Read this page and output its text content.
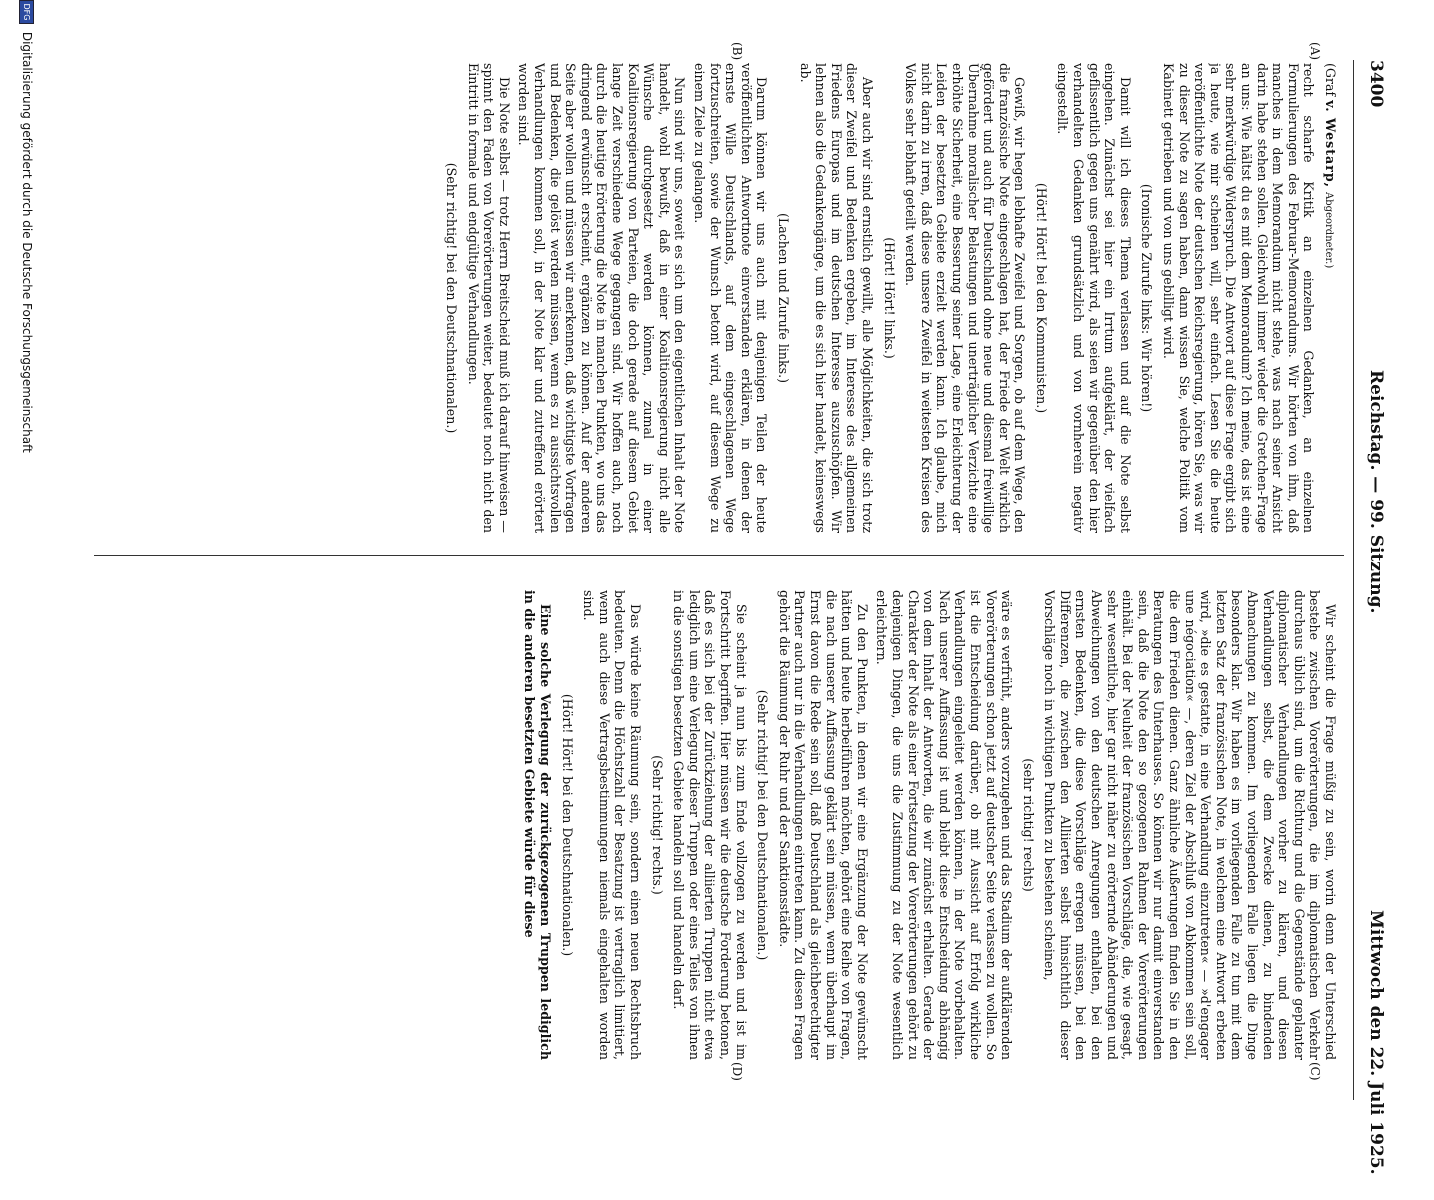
3400
Reichstag. — 99. Sitzung.
Mittwoch den 22. Juli 1925.
(A)
(B)
(C)
(D)

(Graf v. Westarp, Abgeordneter.)

recht scharfe Kritik an einzelnen Gedanken, an einzelnen Formulierungen des Februar-Memorandums. Wir hörten von ihm, daß manches in dem Memorandum nicht stehe, was nach seiner Ansicht darin habe stehen sollen. Gleichwohl immer wieder die Gretchen-Frage an uns: Wie hältst du es mit dem Memorandum? Ich meine, das ist eine sehr merkwürdige Widerspruch. Die Antwort auf diese Frage ergibt sich ja heute, wie mir scheinen will, sehr einfach. Lesen Sie die heute veröffentlichte Note der deutschen Reichsregierung, hören Sie, was wir zu dieser Note zu sagen haben, dann wissen Sie, welche Politik vom Kabinett getrieben und von uns gebilligt wird.

(Ironische Zurufe links: Wir hören!)

Damit will ich dieses Thema verlassen und auf die Note selbst eingehen. Zunächst sei hier ein Irrtum aufgeklärt, der vielfach geflissentlich gegen uns genährt wird, als seien wir gegenüber den hier verhandelten Gedanken grundsätzlich und von vornherein negativ eingestellt.

(Hört! Hört! bei den Kommunisten.)

Gewiß, wir hegen lebhafte Zweifel und Sorgen, ob auf dem Wege, den die französische Note eingeschlagen hat, der Friede der Welt wirklich gefördert und auch für Deutschland ohne neue und diesmal freiwillige Übernahme moralischer Belastungen und unerträglicher Verzichte eine erhöhte Sicherheit, eine Besserung seiner Lage, eine Erleichterung der Leiden der besetzten Gebiete erzielt werden kann. Ich glaube, mich nicht darin zu irren, daß diese unsere Zweifel in weitesten Kreisen des Volkes sehr lebhaft geteilt werden.

(Hört! Hört! links.)

Aber auch wir sind ernstlich gewillt, alle Möglichkeiten, die sich trotz dieser Zweifel und Bedenken ergeben, im Interesse des allgemeinen Friedens Europas und im deutschen Interesse auszuschöpfen. Wir lehnen also die Gedankengänge, um die es sich hier handelt, keineswegs ab.

(Lachen und Zurufe links.)

Darum können wir uns auch mit denjenigen Teilen der heute veröffentlichten Antwortnote einverstanden erklären, in denen der ernste Wille Deutschlands, auf dem eingeschlagenen Wege fortzuschreiten, sowie der Wunsch betont wird, auf diesem Wege zu einem Ziele zu gelangen.

Nun sind wir uns, soweit es sich um den eigentlichen Inhalt der Note handelt, wohl bewußt, daß in einer Koalitionsregierung nicht alle Wünsche durchgesetzt werden können, zumal in einer Koalitionsregierung von Parteien, die doch gerade auf diesem Gebiet lange Zeit verschiedene Wege gegangen sind. Wir hoffen auch, noch durch die heutige Erörterung die Note in manchen Punkten, wo uns das dringend erwünscht erscheint, ergänzen zu können. Auf der anderen Seite aber wollen und müssen wir anerkennen, daß wichtigste Vorfragen und Bedenken, die gelöst werden müssen, wenn es zu aussichtsvollen Verhandlungen kommen soll, in der Note klar und zutreffend erörtert worden sind.

Die Note selbst — trotz Herrn Breitscheid muß ich darauf hinweisen — spinnt den Faden von Vorerörterungen weiter, bedeutet noch nicht den Eintritt in formale und endgültige Verhandlungen.

(Sehr richtig! bei den Deutschnationalen.)

Wir scheint die Frage müßig zu sein, worin denn der Unterschied bestehe zwischen Vorerörterungen, die im diplomatischen Verkehr durchaus üblich sind, um die Richtung und die Gegenstände geplanter diplomatischer Verhandlungen vorher zu klären, und diesen Verhandlungen selbst, die dem Zwecke dienen, zu bindenden Abmachungen zu kommen. Im vorliegenden Falle liegen die Dinge besonders klar. Wir haben es im vorliegenden Falle zu tun mit dem letzten Satz der französischen Note, in welchem eine Antwort erbeten wird, »die es gestatte, in eine Verhandlung einzutreten« — »d'engager une négociation« —, deren Ziel der Abschluß von Abkommen sein soll, die dem Frieden dienen. Ganz ähnliche Äußerungen finden Sie in den Beratungen des Unterhauses. So können wir nur damit einverstanden sein, daß die Note den so gezogenen Rahmen der Vorerörterungen einhält. Bei der Neuheit der französischen Vorschläge, die, wie gesagt, sehr wesentliche, hier gar nicht näher zu erörternde Abänderungen und Abweichungen von den deutschen Anregungen enthalten, bei den ernsten Bedenken, die diese Vorschläge erregen müssen, bei den Differenzen, die zwischen den Alliierten selbst hinsichtlich dieser Vorschläge noch in wichtigen Punkten zu bestehen scheinen,

(sehr richtig! rechts)

wäre es verfrüht, anders vorzugehen und das Stadium der aufklärenden Vorerörterungen schon jetzt auf deutscher Seite verlassen zu wollen. So ist die Entscheidung darüber, ob mit Aussicht auf Erfolg wirkliche Verhandlungen eingeleitet werden können, in der Note vorbehalten. Nach unserer Auffassung ist und bleibt diese Entscheidung abhängig von dem Inhalt der Antworten, die wir zunächst erhalten. Gerade der Charakter der Note als einer Fortsetzung der Vorerörterungen gehört zu denjenigen Dingen, die uns die Zustimmung zu der Note wesentlich erleichtern.

Zu den Punkten, in denen wir eine Ergänzung der Note gewünscht hätten und heute herbeiführen möchten, gehört eine Reihe von Fragen, die nach unserer Auffassung geklärt sein müssen, wenn überhaupt im Ernst davon die Rede sein soll, daß Deutschland als gleichberechtigter Partner auch nur in die Verhandlungen eintreten kann. Zu diesen Fragen gehört die Räumung der Ruhr und der Sanktionsstädte.

(Sehr richtig! bei den Deutschnationalen.)

Sie scheint ja nun bis zum Ende vollzogen zu werden und ist im Fortschritt begriffen. Hier müssen wir die deutsche Forderung betonen, daß es sich bei der Zurückziehung der alliierten Truppen nicht etwa lediglich um eine Verlegung dieser Truppen oder eines Teiles von ihnen in die sonstigen besetzten Gebiete handeln soll und handeln darf.

(Sehr richtig! rechts.)

Das würde keine Räumung sein, sondern einen neuen Rechtsbruch bedeuten. Denn die Höchstzahl der Besatzung ist vertraglich limitiert, wenn auch diese Vertragsbestimmungen niemals eingehalten worden sind.

(Hört! Hört! bei den Deutschnationalen.)

Eine solche Verlegung der zurückgezogenen Truppen lediglich in die anderen besetzten Gebiete würde für diese

DFG Digitalisierung gefördert durch die Deutsche Forschungsgemeinschaft
